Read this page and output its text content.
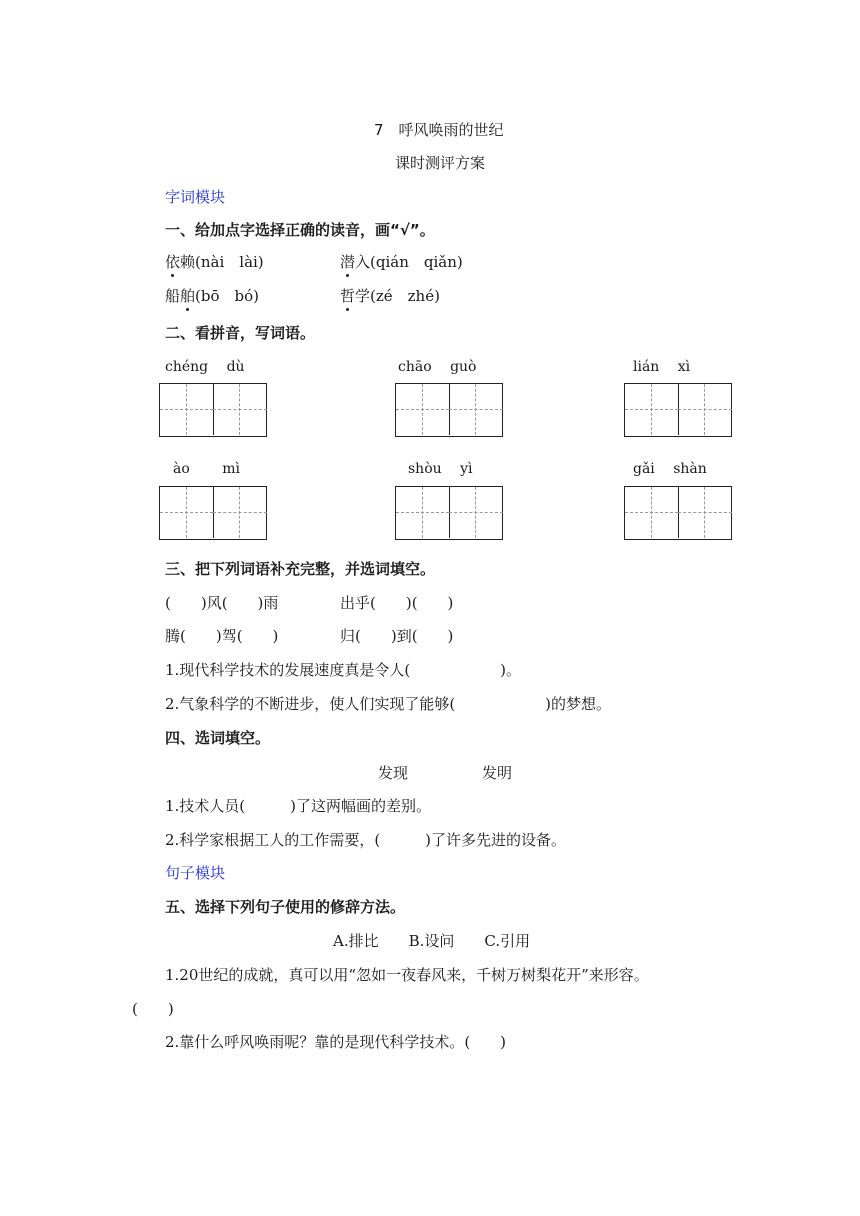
7　呼风唤雨的世纪
课时测评方案
字词模块
一、给加点字选择正确的读音，画“√”。
依赖(nài　lài)	潜入(qián　qiǎn)
船舶(bō　bó)	哲学(zé　zhé)
二、看拼音，写词语。
chéng　 dù	chāo　 guò	lián　 xì
ào　　 mì	shòu　 yì	gǎi　 shàn
三、把下列词语补充完整，并选词填空。
(　　)风(　　)雨	出乎(　　)(　　)
腾(　　)驾(　　)	归(　　)到(　　)
1.现代科学技术的发展速度真是令人(　　　　　　)。
2.气象科学的不断进步，使人们实现了能够(　　　　　　)的梦想。
四、选词填空。
发现	发明
1.技术人员(　　　)了这两幅画的差别。
2.科学家根据工人的工作需要，(　　　)了许多先进的设备。
句子模块
五、选择下列句子使用的修辞方法。
A.排比　　B.设问　　C.引用
1.20世纪的成就，真可以用“忽如一夜春风来，千树万树梨花开”来形容。
(　　)
2.靠什么呼风唤雨呢？靠的是现代科学技术。(　　)
